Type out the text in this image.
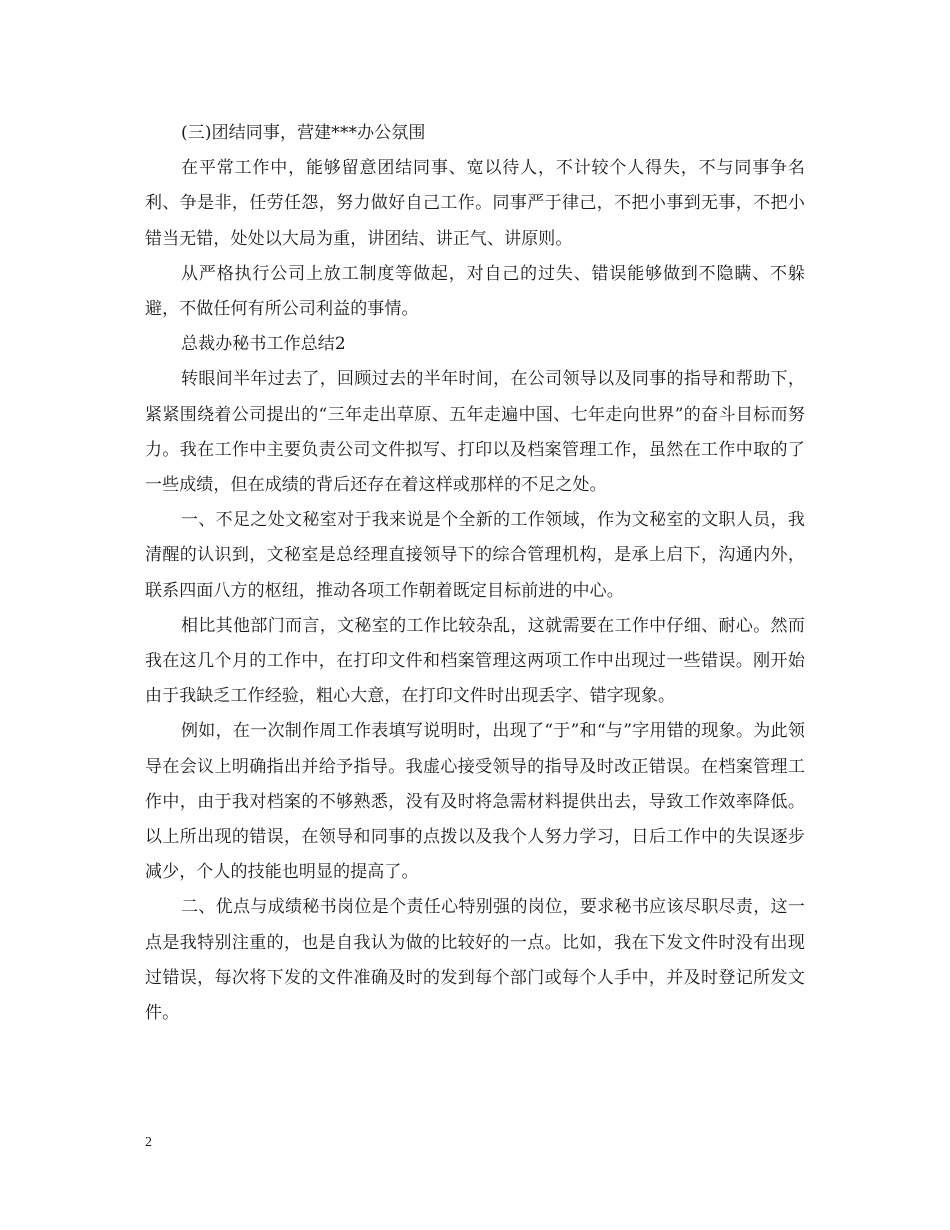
(三)团结同事，营建***办公氛围

在平常工作中，能够留意团结同事、宽以待人，不计较个人得失，不与同事争名利、争是非，任劳任怨，努力做好自己工作。同事严于律己，不把小事到无事，不把小错当无错，处处以大局为重，讲团结、讲正气、讲原则。

从严格执行公司上放工制度等做起，对自己的过失、错误能够做到不隐瞒、不躲避，不做任何有所公司利益的事情。

总裁办秘书工作总结2

转眼间半年过去了，回顾过去的半年时间，在公司领导以及同事的指导和帮助下，紧紧围绕着公司提出的“三年走出草原、五年走遍中国、七年走向世界”的奋斗目标而努力。我在工作中主要负责公司文件拟写、打印以及档案管理工作，虽然在工作中取的了一些成绩，但在成绩的背后还存在着这样或那样的不足之处。

一、不足之处文秘室对于我来说是个全新的工作领域，作为文秘室的文职人员，我清醒的认识到，文秘室是总经理直接领导下的综合管理机构，是承上启下，沟通内外，联系四面八方的枢纽，推动各项工作朝着既定目标前进的中心。

相比其他部门而言，文秘室的工作比较杂乱，这就需要在工作中仔细、耐心。然而我在这几个月的工作中，在打印文件和档案管理这两项工作中出现过一些错误。刚开始由于我缺乏工作经验，粗心大意，在打印文件时出现丢字、错字现象。

例如，在一次制作周工作表填写说明时，出现了“于”和“与”字用错的现象。为此领导在会议上明确指出并给予指导。我虚心接受领导的指导及时改正错误。在档案管理工作中，由于我对档案的不够熟悉，没有及时将急需材料提供出去，导致工作效率降低。以上所出现的错误，在领导和同事的点拨以及我个人努力学习，日后工作中的失误逐步减少，个人的技能也明显的提高了。

二、优点与成绩秘书岗位是个责任心特别强的岗位，要求秘书应该尽职尽责，这一点是我特别注重的，也是自我认为做的比较好的一点。比如，我在下发文件时没有出现过错误，每次将下发的文件准确及时的发到每个部门或每个人手中，并及时登记所发文件。

2
